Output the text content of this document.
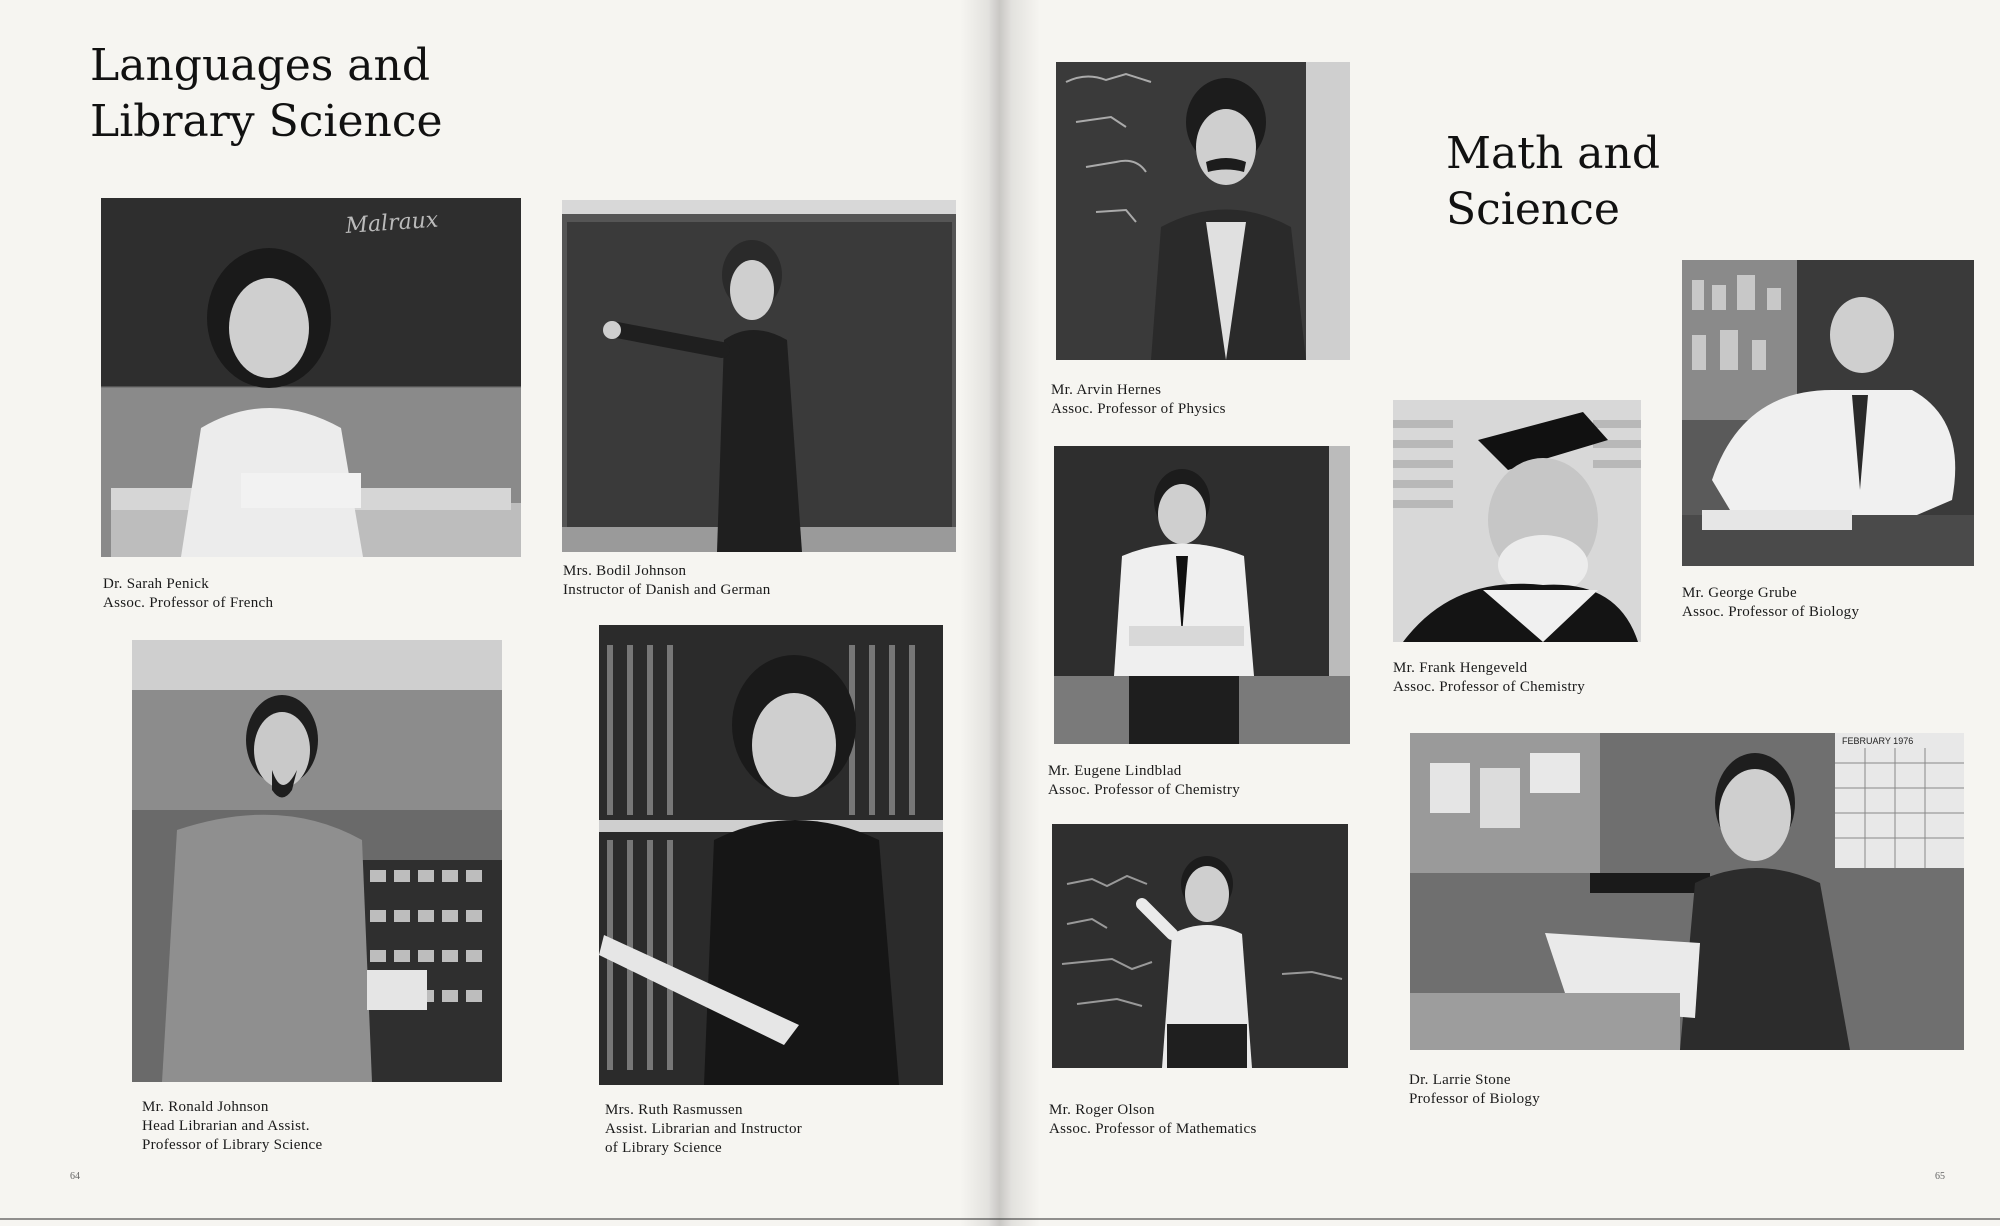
Languages and
Library Science
Malraux
Dr. Sarah Penick
Assoc. Professor of French
Mrs. Bodil Johnson
Instructor of Danish and German
Mr. Ronald Johnson
Head Librarian and Assist.
Professor of Library Science
Mrs. Ruth Rasmussen
Assist. Librarian and Instructor
of Library Science
64
Math and
Science
Mr. Arvin Hernes
Assoc. Professor of Physics
Mr. Eugene Lindblad
Assoc. Professor of Chemistry
Mr. Roger Olson
Assoc. Professor of Mathematics
Mr. Frank Hengeveld
Assoc. Professor of Chemistry
Mr. George Grube
Assoc. Professor of Biology
FEBRUARY 1976
Dr. Larrie Stone
Professor of Biology
65
